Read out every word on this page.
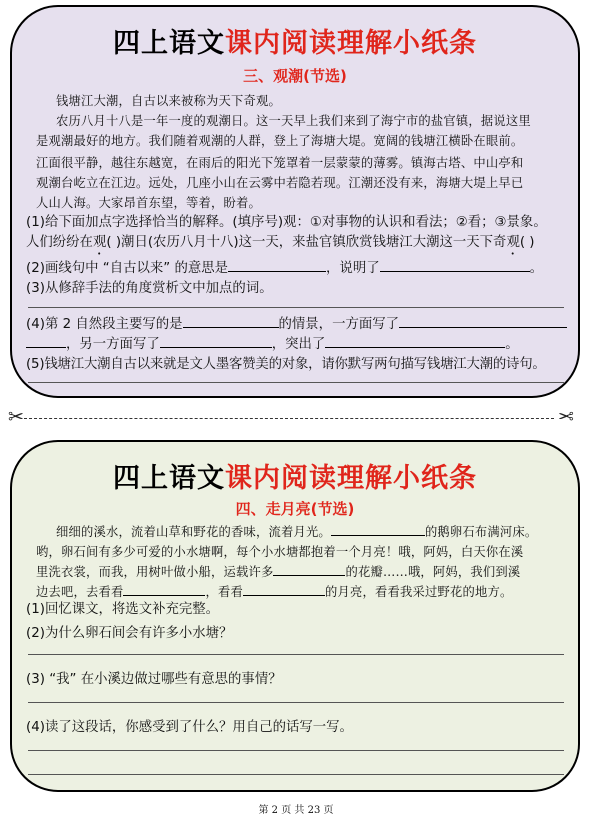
四上语文课内阅读理解小纸条
三、观潮(节选)
钱塘江大潮，自古以来被称为天下奇观。
农历八月十八是一年一度的观潮日。这一天早上我们来到了海宁市的盐官镇，据说这里
是观潮最好的地方。我们随着观潮的人群，登上了海塘大堤。宽阔的钱塘江横卧在眼前。
江面很平静，越往东越宽，在雨后的阳光下笼罩着一层蒙蒙的薄雾。镇海古塔、中山亭和
观潮台屹立在江边。远处，几座小山在云雾中若隐若现。江潮还没有来，海塘大堤上早已
人山人海。大家昂首东望，等着，盼着。
(1)给下面加点字选择恰当的解释。(填序号)观：①对事物的认识和看法；②看；③景象。
人们纷纷在观( )潮日(农历八月十八)这一天，来盐官镇欣赏钱塘江大潮这一天下奇观( )
(2)画线句中 “自古以来” 的意思是	，说明了	。
(3)从修辞手法的角度赏析文中加点的词。
(4)第 2 自然段主要写的是	的情景，一方面写了
，另一方面写了	，突出了	。
(5)钱塘江大潮自古以来就是文人墨客赞美的对象，请你默写两句描写钱塘江大潮的诗句。
✂	✂
四上语文课内阅读理解小纸条
四、走月亮(节选)
细细的溪水，流着山草和野花的香味，流着月光。	的鹅卵石布满河床。
哟，卵石间有多少可爱的小水塘啊，每个小水塘都抱着一个月亮！哦，阿妈，白天你在溪
里洗衣裳，而我，用树叶做小船，运载许多	的花瓣……哦，阿妈，我们到溪
边去吧，去看看	，看看	的月亮，看看我采过野花的地方。
(1)回忆课文，将选文补充完整。
(2)为什么卵石间会有许多小水塘？
(3) “我” 在小溪边做过哪些有意思的事情？
(4)读了这段话，你感受到了什么？用自己的话写一写。
第 2 页 共 23 页
